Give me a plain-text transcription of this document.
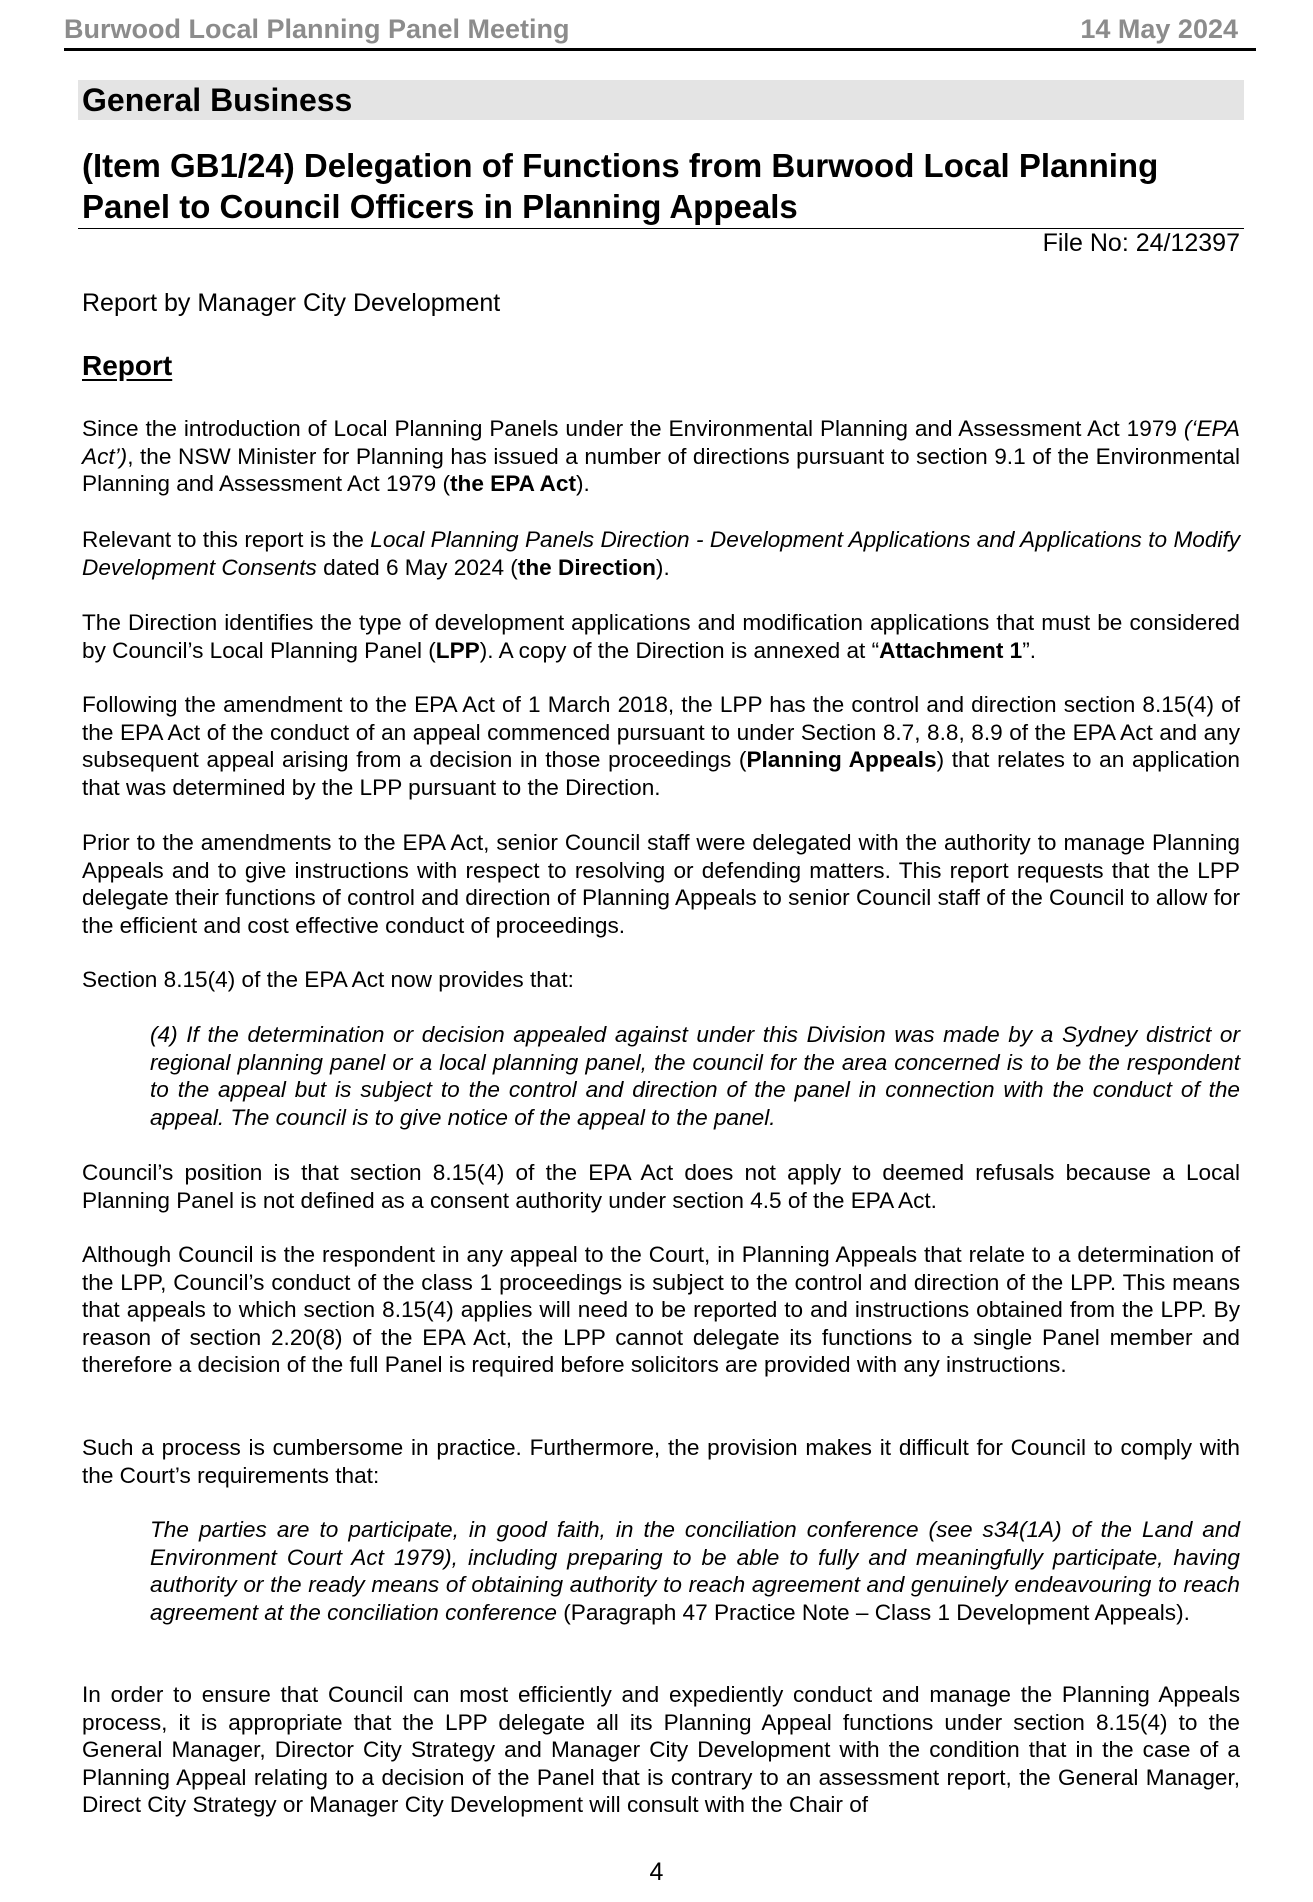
Burwood Local Planning Panel Meeting	14 May 2024
General Business
(Item GB1/24) Delegation of Functions from Burwood Local Planning
Panel to Council Officers in Planning Appeals
File No: 24/12397
Report by Manager City Development
Report
Since the introduction of Local Planning Panels under the Environmental Planning and Assessment Act 1979 (‘EPA Act’), the NSW Minister for Planning has issued a number of directions pursuant to section 9.1 of the Environmental Planning and Assessment Act 1979 (the EPA Act).
Relevant to this report is the Local Planning Panels Direction - Development Applications and Applications to Modify Development Consents dated 6 May 2024 (the Direction).
The Direction identifies the type of development applications and modification applications that must be considered by Council’s Local Planning Panel (LPP). A copy of the Direction is annexed at “Attachment 1”.
Following the amendment to the EPA Act of 1 March 2018, the LPP has the control and direction section 8.15(4) of the EPA Act of the conduct of an appeal commenced pursuant to under Section 8.7, 8.8, 8.9 of the EPA Act and any subsequent appeal arising from a decision in those proceedings (Planning Appeals) that relates to an application that was determined by the LPP pursuant to the Direction.
Prior to the amendments to the EPA Act, senior Council staff were delegated with the authority to manage Planning Appeals and to give instructions with respect to resolving or defending matters. This report requests that the LPP delegate their functions of control and direction of Planning Appeals to senior Council staff of the Council to allow for the efficient and cost effective conduct of proceedings.
Section 8.15(4) of the EPA Act now provides that:
(4) If the determination or decision appealed against under this Division was made by a Sydney district or regional planning panel or a local planning panel, the council for the area concerned is to be the respondent to the appeal but is subject to the control and direction of the panel in connection with the conduct of the appeal. The council is to give notice of the appeal to the panel.
Council’s position is that section 8.15(4) of the EPA Act does not apply to deemed refusals because a Local Planning Panel is not defined as a consent authority under section 4.5 of the EPA Act.
Although Council is the respondent in any appeal to the Court, in Planning Appeals that relate to a determination of the LPP, Council’s conduct of the class 1 proceedings is subject to the control and direction of the LPP. This means that appeals to which section 8.15(4) applies will need to be reported to and instructions obtained from the LPP. By reason of section 2.20(8) of the EPA Act, the LPP cannot delegate its functions to a single Panel member and therefore a decision of the full Panel is required before solicitors are provided with any instructions.
Such a process is cumbersome in practice. Furthermore, the provision makes it difficult for Council to comply with the Court’s requirements that:
The parties are to participate, in good faith, in the conciliation conference (see s34(1A) of the Land and Environment Court Act 1979), including preparing to be able to fully and meaningfully participate, having authority or the ready means of obtaining authority to reach agreement and genuinely endeavouring to reach agreement at the conciliation conference (Paragraph 47 Practice Note – Class 1 Development Appeals).
In order to ensure that Council can most efficiently and expediently conduct and manage the Planning Appeals process, it is appropriate that the LPP delegate all its Planning Appeal functions under section 8.15(4) to the General Manager, Director City Strategy and Manager City Development with the condition that in the case of a Planning Appeal relating to a decision of the Panel that is contrary to an assessment report, the General Manager, Direct City Strategy or Manager City Development will consult with the Chair of
4
